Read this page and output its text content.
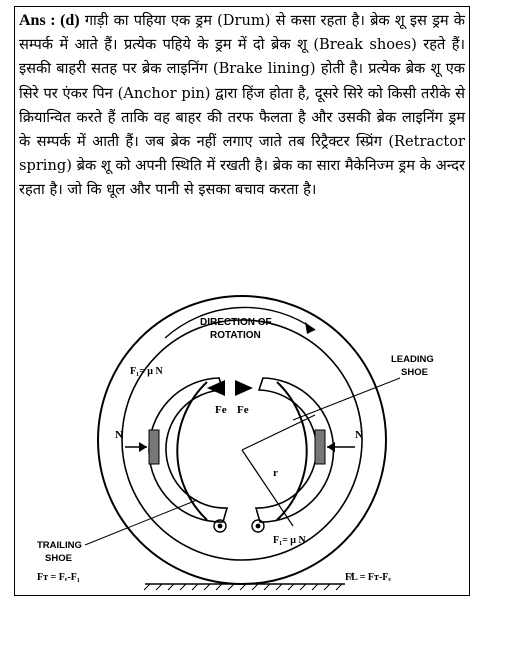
Ans : (d) गाड़ी का पहिया एक ड्रम (Drum) से कसा रहता है। ब्रेक शू इस ड्रम के सम्पर्क में आते हैं। प्रत्येक पहिये के ड्रम में दो ब्रेक शू (Break shoes) रहते हैं। इसकी बाहरी सतह पर ब्रेक लाइनिंग (Brake lining) होती है। प्रत्येक ब्रेक शू एक सिरे पर एंकर पिन (Anchor pin) द्वारा हिंज होता है, दूसरे सिरे को किसी तरीके से क्रियान्वित करते हैं ताकि वह बाहर की तरफ फैलता है और उसकी ब्रेक लाइनिंग ड्रम के सम्पर्क में आती हैं। जब ब्रेक नहीं लगाए जाते तब रिट्रैक्टर स्प्रिंग (Retractor spring) ब्रेक शू को अपनी स्थिति में रखती है। ब्रेक का सारा मैकेनिज्म ड्रम के अन्दर रहता है। जो कि धूल और पानी से इसका बचाव करता है।
DIRECTION OF
ROTATION
LEADING
SHOE
TRAILING
SHOE
F₁= μ N
Fe Fe
N	N
r
F₁= μ N
Fᴛ = Fₑ-F₁	F̸L = Fᴛ-Fₑ
